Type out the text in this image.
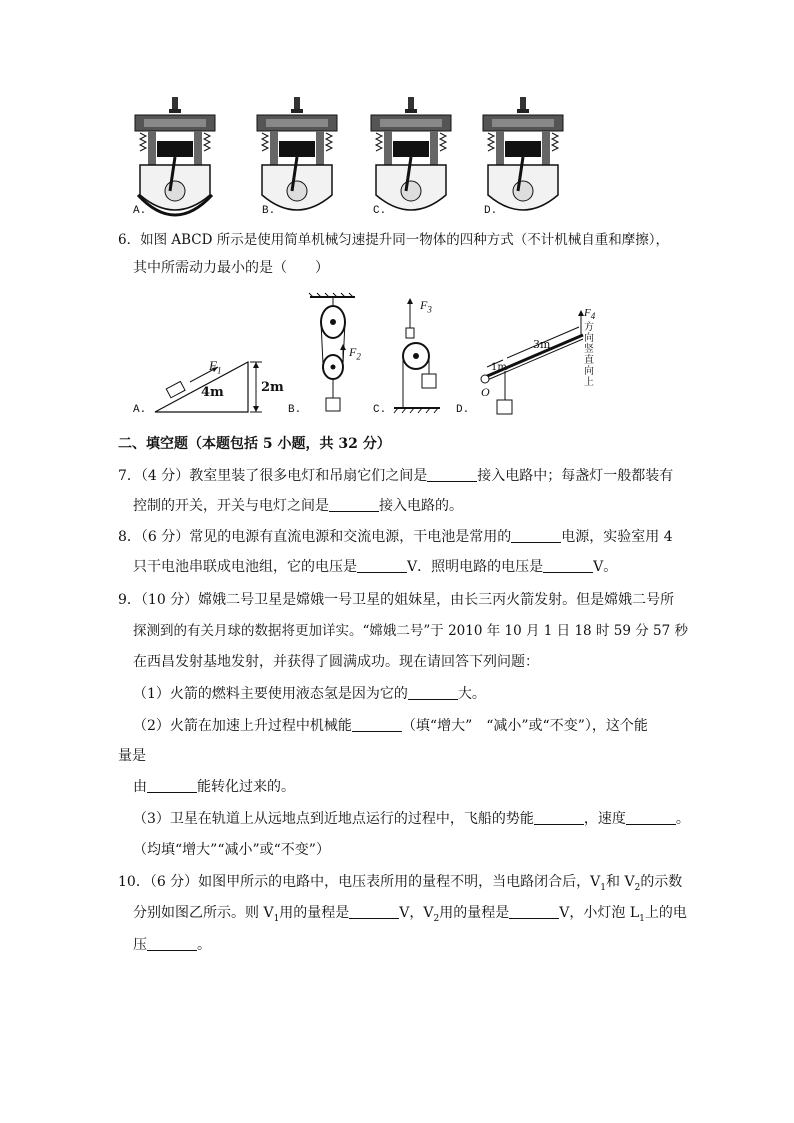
A.	B.	C.	D.
6．如图 ABCD 所示是使用简单机械匀速提升同一物体的四种方式（不计机械自重和摩擦），
其中所需动力最小的是（　　）
$F_1$
4m	2m
$F_2$
$F_3$	$F_4$
方
向
竖
直
向
上
3m
1m
O
A.	B.	C.	D.
二、填空题（本题包括 5 小题，共 32 分）
7．（4 分）教室里装了很多电灯和吊扇它们之间是	接入电路中；每盏灯一般都装有
控制的开关，开关与电灯之间是	接入电路的。
8．（6 分）常见的电源有直流电源和交流电源，干电池是常用的	电源，实验室用 4
只干电池串联成电池组，它的电压是	V．照明电路的电压是	V。
9．（10 分）嫦娥二号卫星是嫦娥一号卫星的姐妹星，由长三丙火箭发射。但是嫦娥二号所
探测到的有关月球的数据将更加详实。“嫦娥二号”于 2010 年 10 月 1 日 18 时 59 分 57 秒
在西昌发射基地发射，并获得了圆满成功。现在请回答下列问题：
（1）火箭的燃料主要使用液态氢是因为它的	大。
（2）火箭在加速上升过程中机械能	（填“增大”　“减小”或“不变”），这个能
量是
由	能转化过来的。
（3）卫星在轨道上从远地点到近地点运行的过程中，飞船的势能	，速度	。
（均填“增大”“减小”或“不变”）
10．（6 分）如图甲所示的电路中，电压表所用的量程不明，当电路闭合后，$V_1$和 $V_2$的示数
分别如图乙所示。则 $V_1$用的量程是	V，$V_2$用的量程是	V，小灯泡 $L_1$上的电
压	。
